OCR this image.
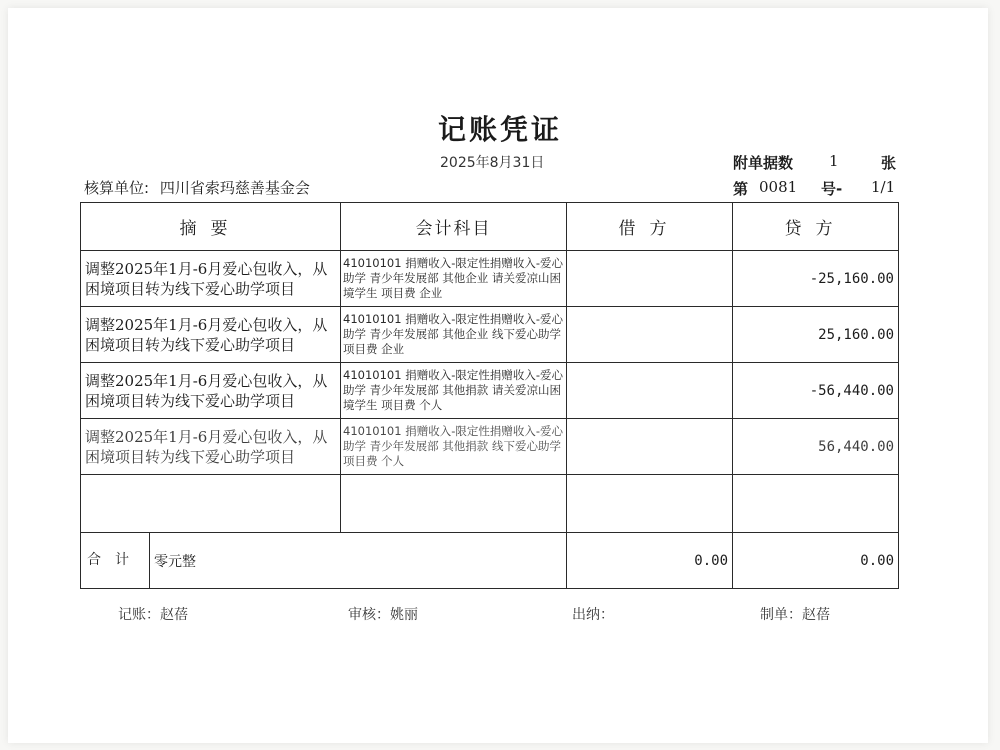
记账凭证
2025年8月31日	附单据数 1	张
核算单位: 四川省索玛慈善基金会	第 0081 号- 1/1
摘要	会计科目	借方	贷方
调整2025年1月-6月爱心包收入，从困境项目转为线下爱心助学项目	41010101 捐赠收入-限定性捐赠收入-爱心助学 青少年发展部 其他企业 请关爱凉山困境学生 项目费 企业		-25,160.00
调整2025年1月-6月爱心包收入，从困境项目转为线下爱心助学项目	41010101 捐赠收入-限定性捐赠收入-爱心助学 青少年发展部 其他企业 线下爱心助学 项目费 企业		25,160.00
调整2025年1月-6月爱心包收入，从困境项目转为线下爱心助学项目	41010101 捐赠收入-限定性捐赠收入-爱心助学 青少年发展部 其他捐款 请关爱凉山困境学生 项目费 个人		-56,440.00
调整2025年1月-6月爱心包收入，从困境项目转为线下爱心助学项目	41010101 捐赠收入-限定性捐赠收入-爱心助学 青少年发展部 其他捐款 线下爱心助学 项目费 个人		56,440.00

合计 零元整		0.00	0.00
记账：赵蓓	审核：姚丽	出纳：	制单：赵蓓
